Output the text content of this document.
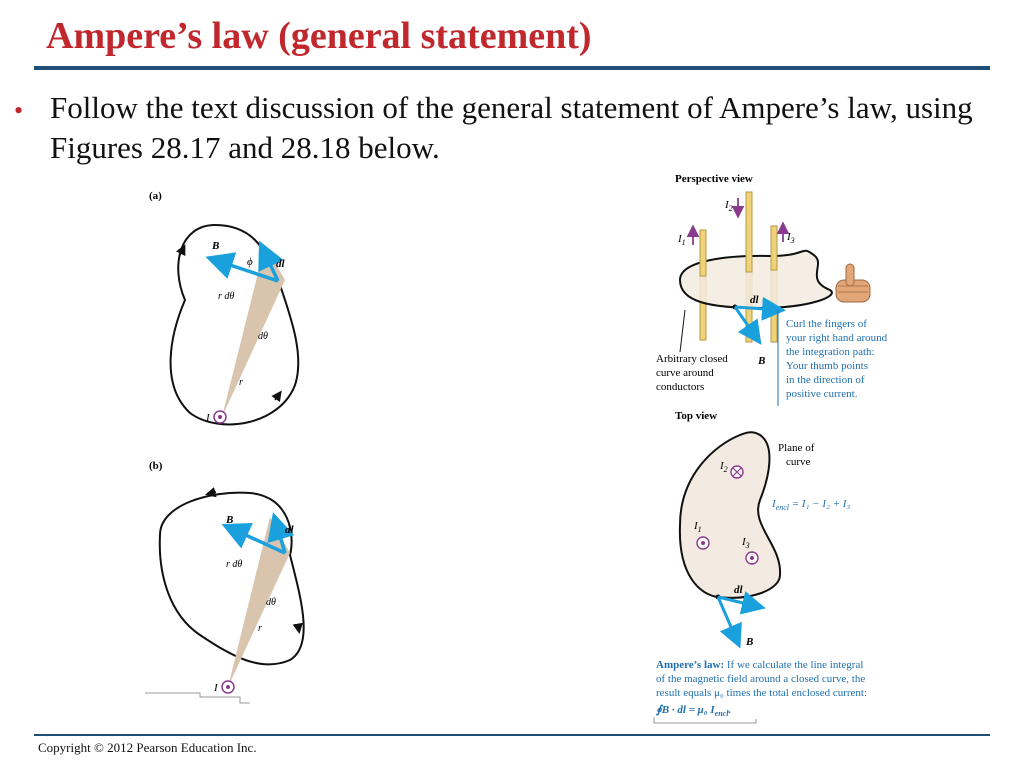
Ampere’s law (general statement)
• Follow the text discussion of the general statement of Ampere’s law, using Figures 28.17 and 28.18 below.
(a)
B
dl
ϕ
r dθ
dθ
r
I
(b)
B
dl
r dθ
dθ
r
I
Perspective view
$I_1$
$I_2$
$I_3$
dl
B
Arbitrary closed curve around conductors
Curl the fingers of your right hand around the integration path: Your thumb points in the direction of positive current.
Top view
Plane of curve
$I_2$
$I_1$
$I_3$
$I_{encl} = I_1 - I_2 + I_3$
dl
B
Ampere’s law: If we calculate the line integral of the magnetic field around a closed curve, the result equals μ₀ times the total enclosed current:
∮B · dl = μ₀ $I_{encl}$.
Copyright © 2012 Pearson Education Inc.
